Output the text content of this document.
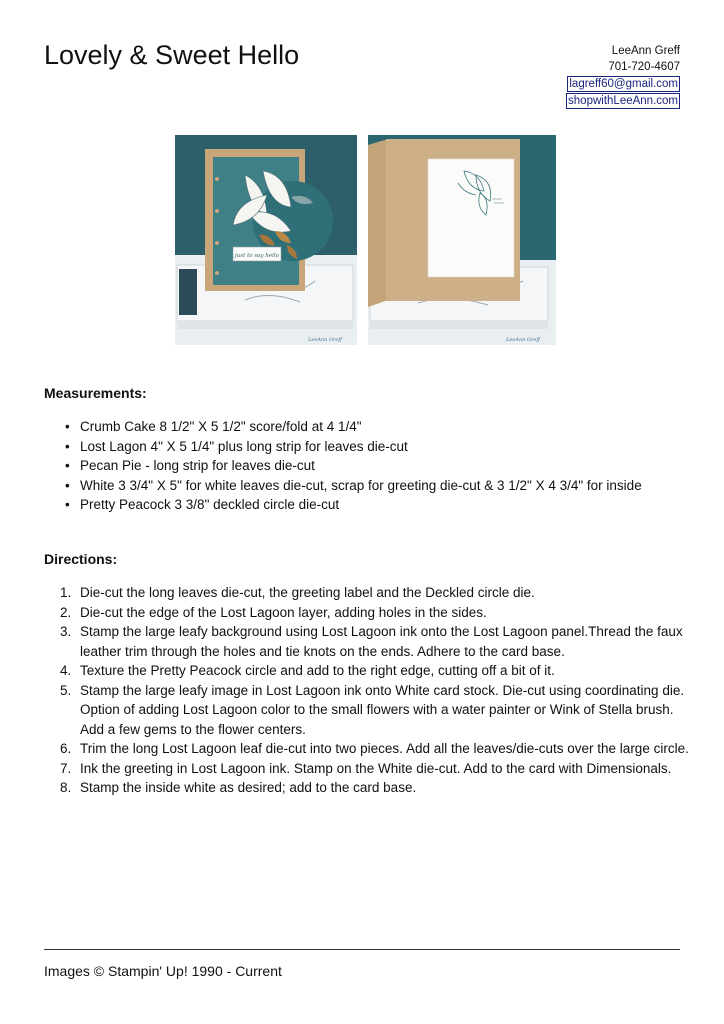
Lovely & Sweet Hello	LeeAnn Greff
701-720-4607
lagreff60@gmail.com
shopwithLeeAnn.com
just to say hello
LeeAnn Greff	LeeAnn Greff
Measurements:
• Crumb Cake 8 1/2" X 5 1/2" score/fold at 4 1/4"
• Lost Lagon 4" X 5 1/4" plus long strip for leaves die-cut
• Pecan Pie - long strip for leaves die-cut
• White 3 3/4" X 5" for white leaves die-cut, scrap for greeting die-cut & 3 1/2" X 4 3/4" for inside
• Pretty Peacock 3 3/8" deckled circle die-cut
Directions:
1. Die-cut the long leaves die-cut, the greeting label and the Deckled circle die.
2. Die-cut the edge of the Lost Lagoon layer, adding holes in the sides.
3. Stamp the large leafy background using Lost Lagoon ink onto the Lost Lagoon panel.Thread the faux leather trim through the holes and tie knots on the ends. Adhere to the card base.
4. Texture the Pretty Peacock circle and add to the right edge, cutting off a bit of it.
5. Stamp the large leafy image in Lost Lagoon ink onto White card stock. Die-cut using coordinating die. Option of adding Lost Lagoon color to the small flowers with a water painter or Wink of Stella brush. Add a few gems to the flower centers.
6. Trim the long Lost Lagoon leaf die-cut into two pieces. Add all the leaves/die-cuts over the large circle.
7. Ink the greeting in Lost Lagoon ink. Stamp on the White die-cut. Add to the card with Dimensionals.
8. Stamp the inside white as desired; add to the card base.
Images © Stampin' Up! 1990 - Current
